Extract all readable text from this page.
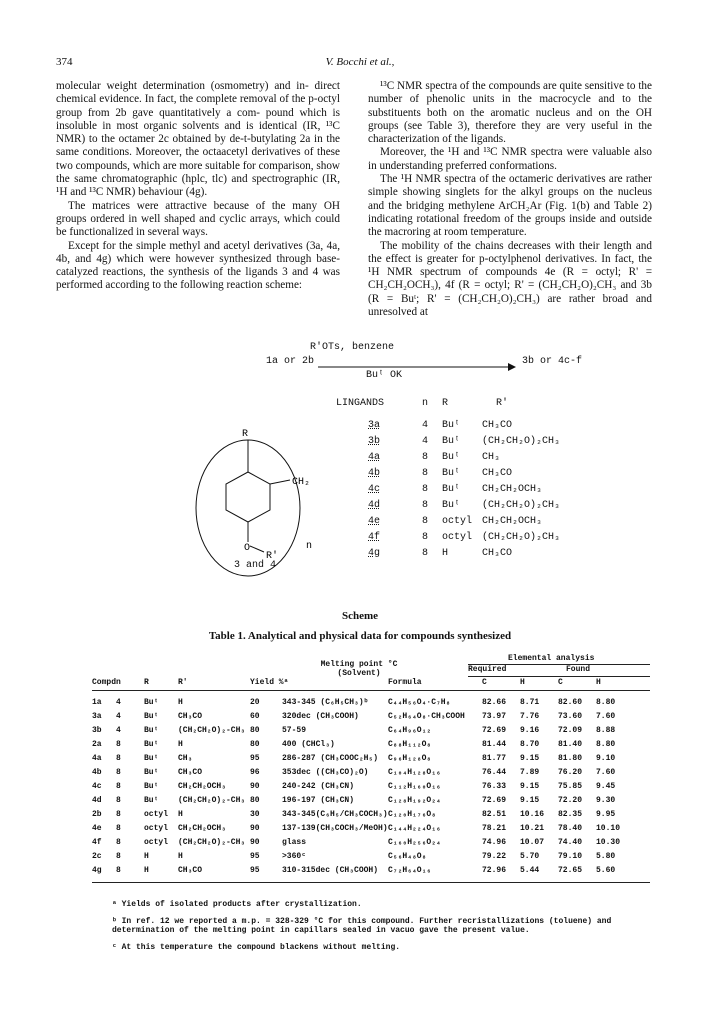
374	V. Bocchi et al.,

molecular weight determination (osmometry) and in- direct chemical evidence. In fact, the complete removal of the p-octyl group from 2b gave quantitatively a com- pound which is insoluble in most organic solvents and is identical (IR, ¹³C NMR) to the octamer 2c obtained by de-t-butylating 2a in the same conditions. Moreover, the octaacetyl derivatives of these two compounds, which are more suitable for comparison, show the same chromatographic (hplc, tlc) and spectrographic (IR, ¹H and ¹³C NMR) behaviour (4g).

The matrices were attractive because of the many OH groups ordered in well shaped and cyclic arrays, which could be functionalized in several ways.

Except for the simple methyl and acetyl derivatives (3a, 4a, 4b, and 4g) which were however synthesized through base-catalyzed reactions, the synthesis of the ligands 3 and 4 was performed according to the following reaction scheme:

¹³C NMR spectra of the compounds are quite sensitive to the number of phenolic units in the macrocycle and to the substituents both on the aromatic nucleus and on the OH groups (see Table 3), therefore they are very useful in the characterization of the ligands.

Moreover, the ¹H and ¹³C NMR spectra were valuable also in understanding preferred conformations.

The ¹H NMR spectra of the octameric derivatives are rather simple showing singlets for the alkyl groups on the nucleus and the bridging methylene ArCH₂Ar (Fig. 1(b) and Table 2) indicating rotational freedom of the groups inside and outside the macroring at room temperature.

The mobility of the chains decreases with their length and the effect is greater for p-octylphenol derivatives. In fact, the ¹H NMR spectrum of compounds 4e (R = octyl; R' = CH₂CH₂OCH₃), 4f (R = octyl; R' = (CH₂CH₂O)₂CH₃ and 3b (R = Buᵗ; R' = (CH₂CH₂O)₂CH₃) are rather broad and unresolved at

R'OTs, benzene
1a or 2b
Buᵗ OK
3b or 4c-f
R
CH₂
O
R'
n
3 and 4
LINGANDS	n R	R'
3a	4 Buᵗ CH₃CO
3b	4 Buᵗ (CH₂CH₂O)₂CH₃
4a	8 Buᵗ CH₃
4b	8 Buᵗ CH₃CO
4c	8 Buᵗ CH₂CH₂OCH₃
4d	8 Buᵗ (CH₂CH₂O)₂CH₃
4e	8 octyl CH₂CH₂OCH₃
4f	8 octyl (CH₂CH₂O)₂CH₃
4g	8 H	CH₃CO
Scheme
Table 1. Analytical and physical data for compounds synthesized
Elemental analysis
Required	Found
Melting point °C (Solvent)
Compd n	R	R'	Yield %ᵃ	Formula	C	H	C	H
1a 4	Buᵗ H	20	343-345 (C₆H₅CH₃)ᵇ C₄₄H₅₆O₄·C₇H₈	82.66 8.71 82.60 8.80
3a 4	Buᵗ CH₃CO	60	320dec (CH₃COOH)	C₅₂H₆₄O₈·CH₃COOH 73.97 7.76 73.60 7.60
3b 4	Buᵗ (CH₂CH₂O)₂-CH₃ 80	57-59	C₆₄H₉₆O₁₂	72.69 9.16 72.09 8.88
2a 8	Buᵗ H	80	400 (CHCl₃)	C₈₈H₁₁₂O₈	81.44 8.70 81.40 8.80
4a 8	Buᵗ CH₃	95	286-287 (CH₃COOC₂H₅) C₉₆H₁₂₈O₈	81.77 9.15 81.80 9.10
4b 8	Buᵗ CH₃CO	96	353dec ((CH₃CO)₂O) C₁₀₄H₁₂₈O₁₆	76.44 7.89 76.20 7.60
4c 8	Buᵗ CH₂CH₂OCH₃	90	240-242 (CH₃CN)	C₁₁₂H₁₆₀O₁₆	76.33 9.15 75.85 9.45
4d 8	Buᵗ (CH₂CH₂O)₂-CH₃ 80	196-197 (CH₃CN)	C₁₂₈H₁₉₂O₂₄	72.69 9.15 72.20 9.30
2b 8	octyl H	30	343-345(C₆H₅/CH₃COCH₃) C₁₂₀H₁₇₆O₈	82.51 10.16 82.35 9.95
4e 8	octyl CH₂CH₂OCH₃	90	137-139(CH₃COCH₃/MeOH) C₁₄₄H₂₂₄O₁₆	78.21 10.21 78.40 10.10
4f 8	octyl (CH₂CH₂O)₂-CH₃ 90	glass	C₁₆₀H₂₅₆O₂₄	74.96 10.07 74.40 10.30
2c 8	H	H	95	>360ᶜ	C₅₆H₄₈O₈	79.22 5.70 79.10 5.80
4g 8	H	CH₃CO	95	310-315dec (CH₃COOH) C₇₂H₆₄O₁₆	72.96 5.44 72.65 5.60
ᵃ Yields of isolated products after crystallization.
ᵇ In ref. 12 we reported a m.p. = 328-329 °C for this compound. Further recristallizations (toluene) and determination of the melting point in capillars sealed in vacuo gave the present value.
ᶜ At this temperature the compound blackens without melting.
